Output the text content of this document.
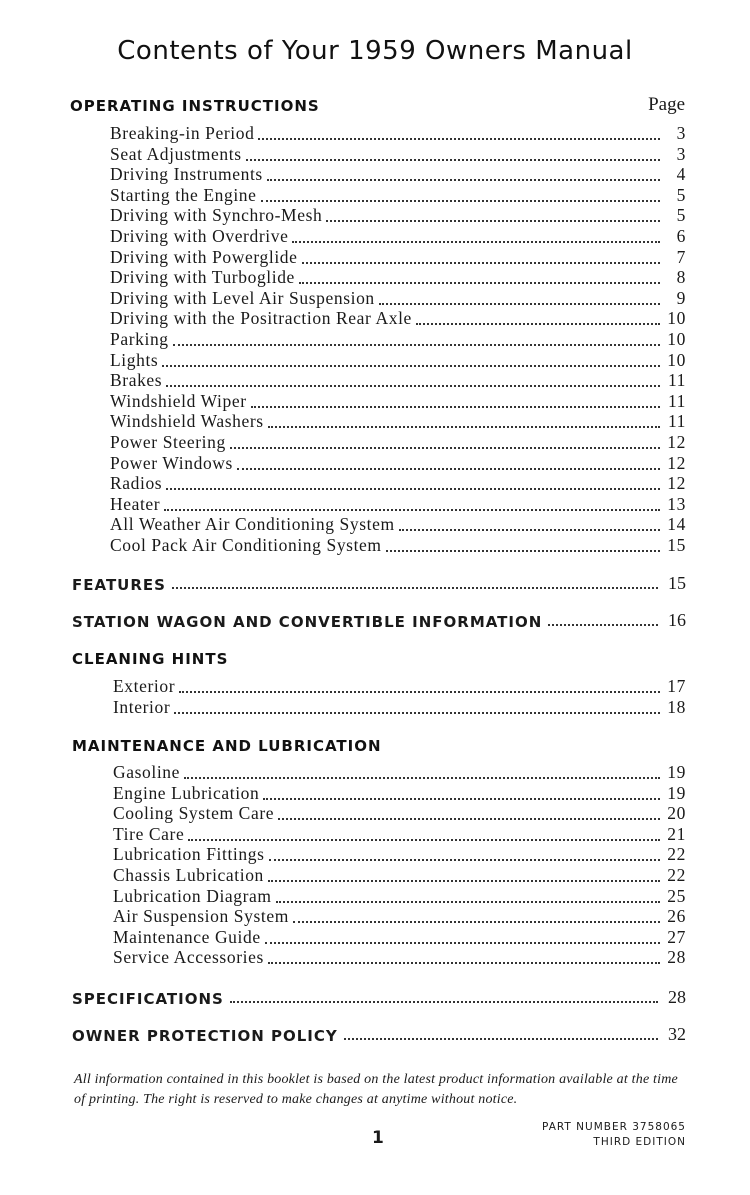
Contents of Your 1959 Owners Manual
Page
OPERATING INSTRUCTIONS
Breaking-in Period	3
Seat Adjustments	3
Driving Instruments	4
Starting the Engine	5
Driving with Synchro-Mesh	5
Driving with Overdrive	6
Driving with Powerglide	7
Driving with Turboglide	8
Driving with Level Air Suspension	9
Driving with the Positraction Rear Axle	10
Parking	10
Lights	10
Brakes	11
Windshield Wiper	11
Windshield Washers	11
Power Steering	12
Power Windows	12
Radios	12
Heater	13
All Weather Air Conditioning System	14
Cool Pack Air Conditioning System	15
FEATURES	15
STATION WAGON AND CONVERTIBLE INFORMATION	16
CLEANING HINTS
Exterior	17
Interior	18
MAINTENANCE AND LUBRICATION
Gasoline	19
Engine Lubrication	19
Cooling System Care	20
Tire Care	21
Lubrication Fittings	22
Chassis Lubrication	22
Lubrication Diagram	25
Air Suspension System	26
Maintenance Guide	27
Service Accessories	28
SPECIFICATIONS	28
OWNER PROTECTION POLICY	32
All information contained in this booklet is based on the latest product information available at the time of printing. The right is reserved to make changes at anytime without notice.
PART NUMBER 3758065
THIRD EDITION
1
